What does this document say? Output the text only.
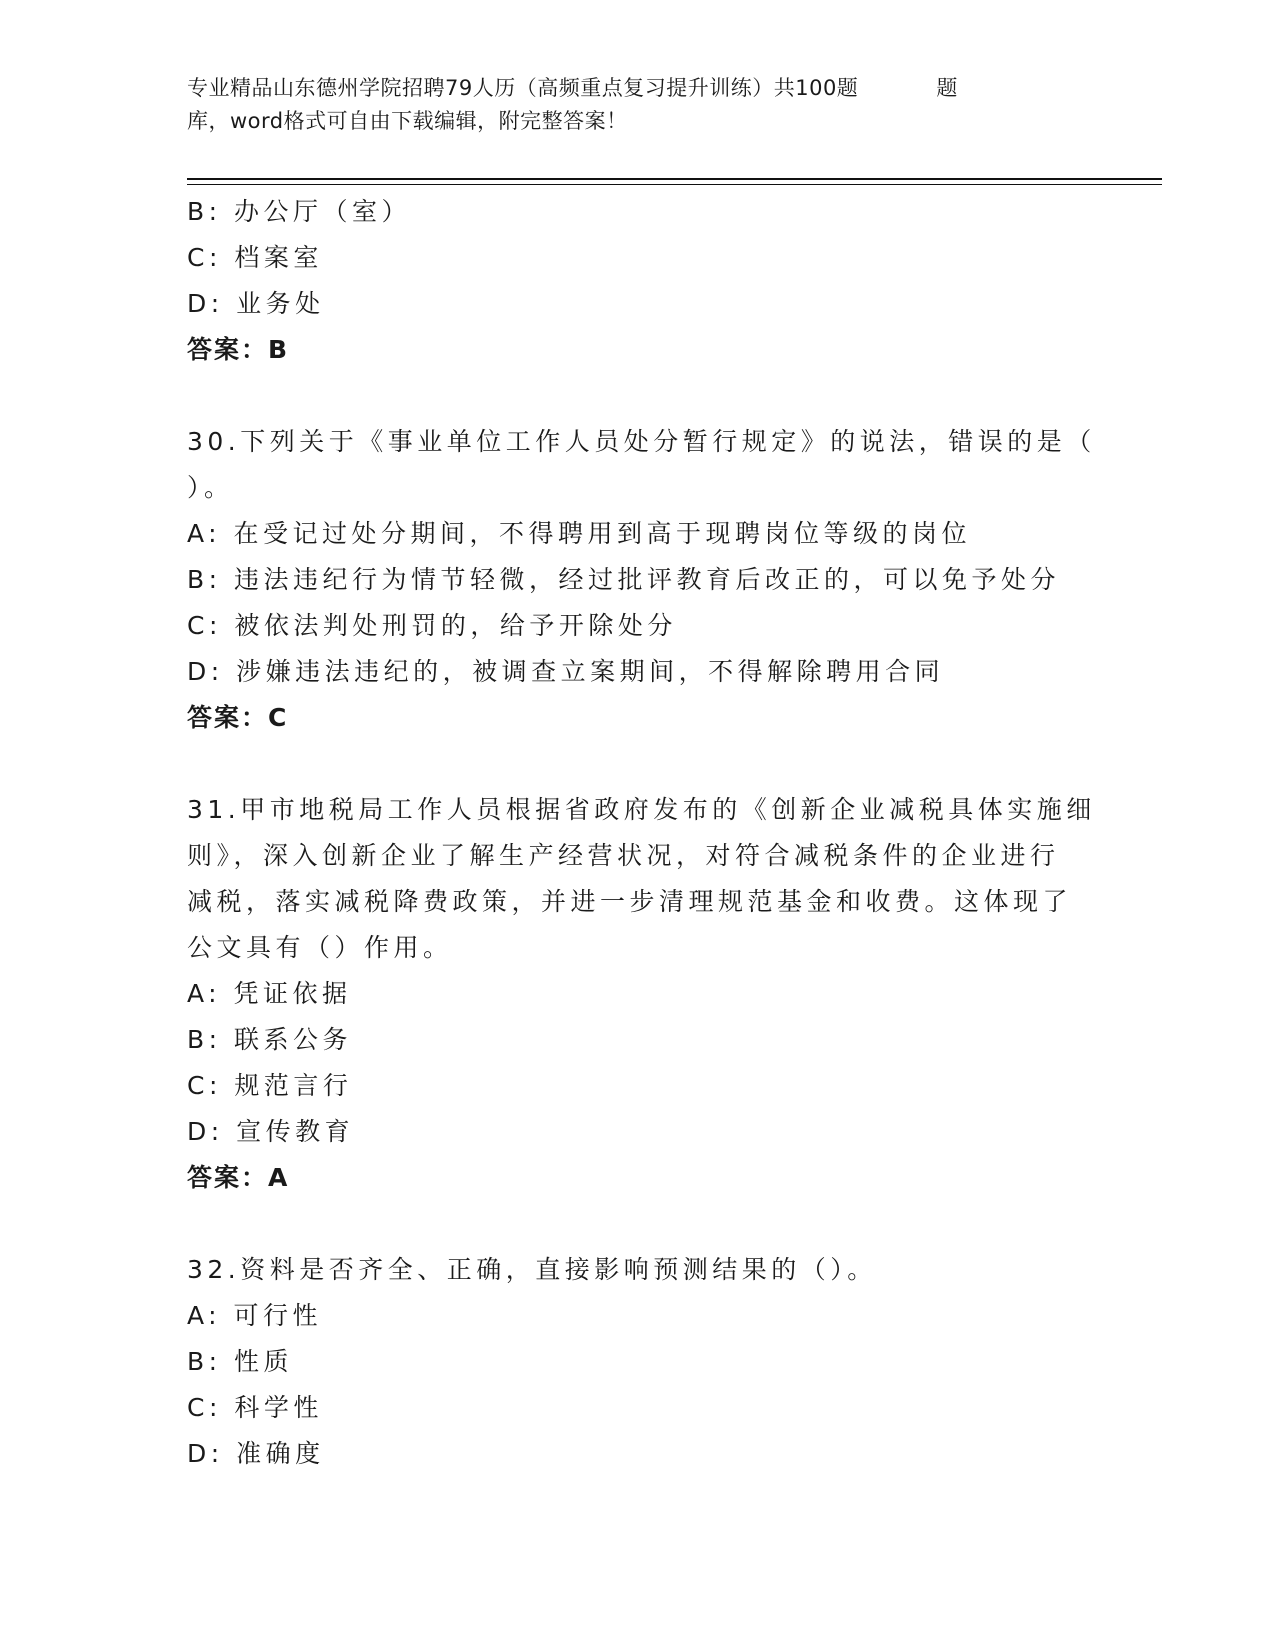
专业精品山东德州学院招聘79人历（高频重点复习提升训练）共100题	题
库，word格式可自由下载编辑，附完整答案！
B: 办公厅（室）
C: 档案室
D: 业务处
答案：B
30.下列关于《事业单位工作人员处分暂行规定》的说法，错误的是（
）。
A: 在受记过处分期间，不得聘用到高于现聘岗位等级的岗位
B: 违法违纪行为情节轻微，经过批评教育后改正的，可以免予处分
C: 被依法判处刑罚的，给予开除处分
D: 涉嫌违法违纪的，被调查立案期间，不得解除聘用合同
答案：C
31.甲市地税局工作人员根据省政府发布的《创新企业减税具体实施细
则》，深入创新企业了解生产经营状况，对符合减税条件的企业进行
减税，落实减税降费政策，并进一步清理规范基金和收费。这体现了
公文具有（）作用。
A: 凭证依据
B: 联系公务
C: 规范言行
D: 宣传教育
答案：A
32.资料是否齐全、正确，直接影响预测结果的（）。
A: 可行性
B: 性质
C: 科学性
D: 准确度
